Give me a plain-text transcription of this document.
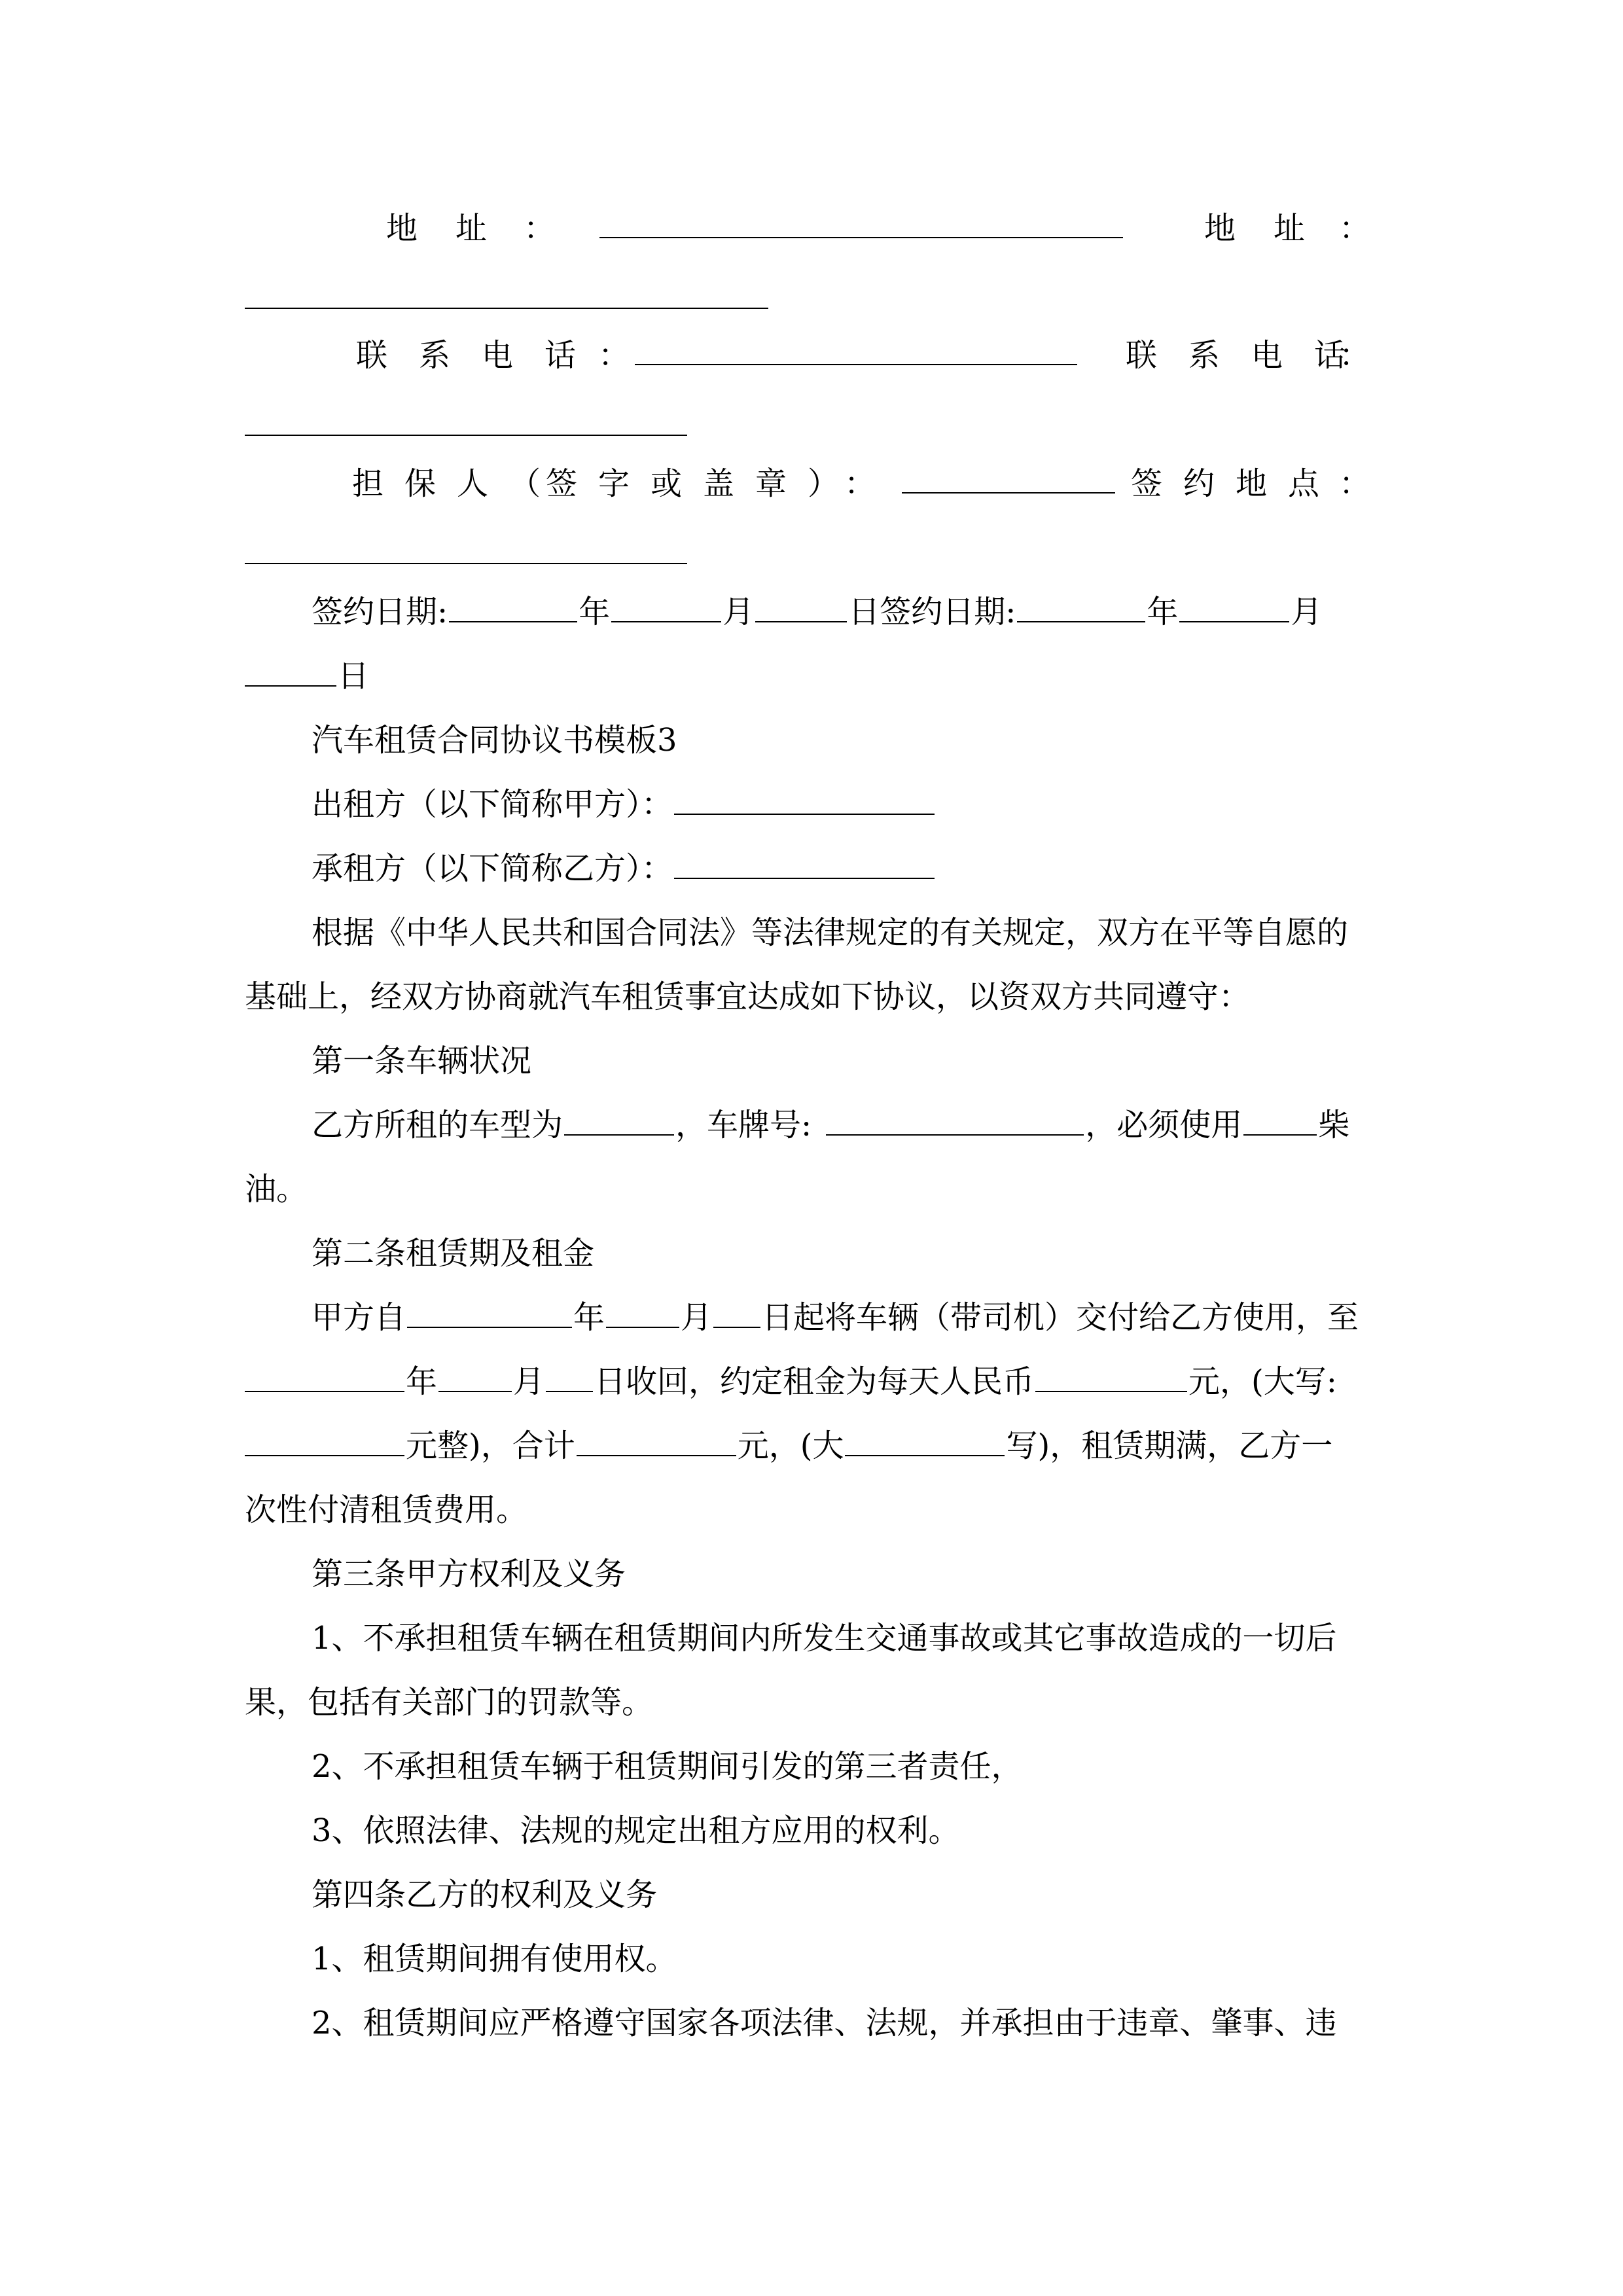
地 址 ：	地 址 ：
联 系 电 话 ：	联 系 电 话
：
担 保 人 （ 签 字 或 盖 章 ） ：	签 约 地 点 ：
签约日期:	年	月	日签约日期:	年	月
日
汽车租赁合同协议书模板3
出租方（以下简称甲方）：
承租方（以下简称乙方）：
根据《中华人民共和国合同法》等法律规定的有关规定，双方在平等自愿的
基础上，经双方协商就汽车租赁事宜达成如下协议，以资双方共同遵守：
第一条车辆状况
乙方所租的车型为	，车牌号:	，必须使用 柴
油。
第二条租赁期及租金
甲方自	年 月 日起将车辆（带司机）交付给乙方使用，至
年 月 日收回，约定租金为每天人民币	元，(大写:
元整)，合计	元，(大	写)，租赁期满，乙方一
次性付清租赁费用。
第三条甲方权利及义务
1、不承担租赁车辆在租赁期间内所发生交通事故或其它事故造成的一切后
果，包括有关部门的罚款等。
2、不承担租赁车辆于租赁期间引发的第三者责任，
3、依照法律、法规的规定出租方应用的权利。
第四条乙方的权利及义务
1、租赁期间拥有使用权。
2、租赁期间应严格遵守国家各项法律、法规，并承担由于违章、肇事、违
